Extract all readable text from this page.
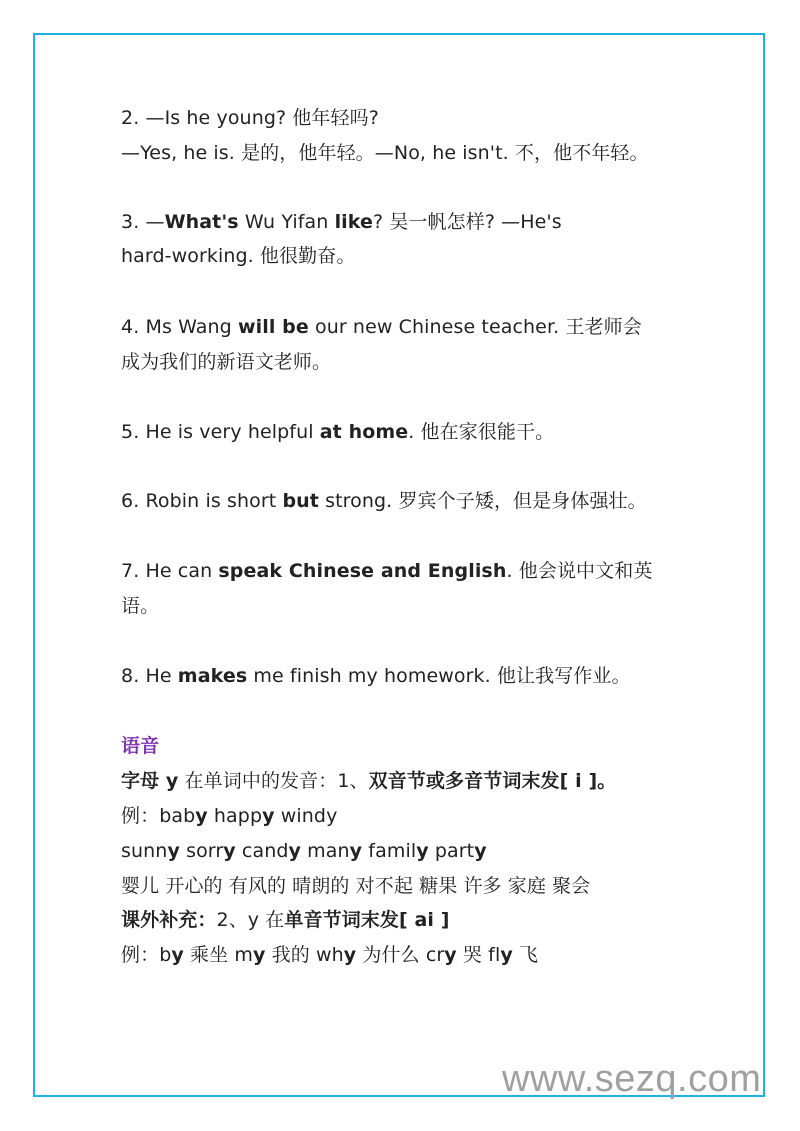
2. —Is he young? 他年轻吗?
—Yes, he is. 是的，他年轻。—No, he isn't. 不，他不年轻。
3. —What's Wu Yifan like? 吴一帆怎样? —He's
hard-working. 他很勤奋。
4. Ms Wang will be our new Chinese teacher. 王老师会
成为我们的新语文老师。
5. He is very helpful at home. 他在家很能干。
6. Robin is short but strong. 罗宾个子矮，但是身体强壮。
7. He can speak Chinese and English. 他会说中文和英
语。
8. He makes me finish my homework. 他让我写作业。
语音
字母 y 在单词中的发音：1、双音节或多音节词末发[ i ]。
例：baby happy windy
sunny sorry candy many family party
婴儿 开心的 有风的 晴朗的 对不起 糖果 许多 家庭 聚会
课外补充：2、y 在单音节词末发[ ai ]
例：by 乘坐 my 我的 why 为什么 cry 哭 fly 飞
www.sezq.com
